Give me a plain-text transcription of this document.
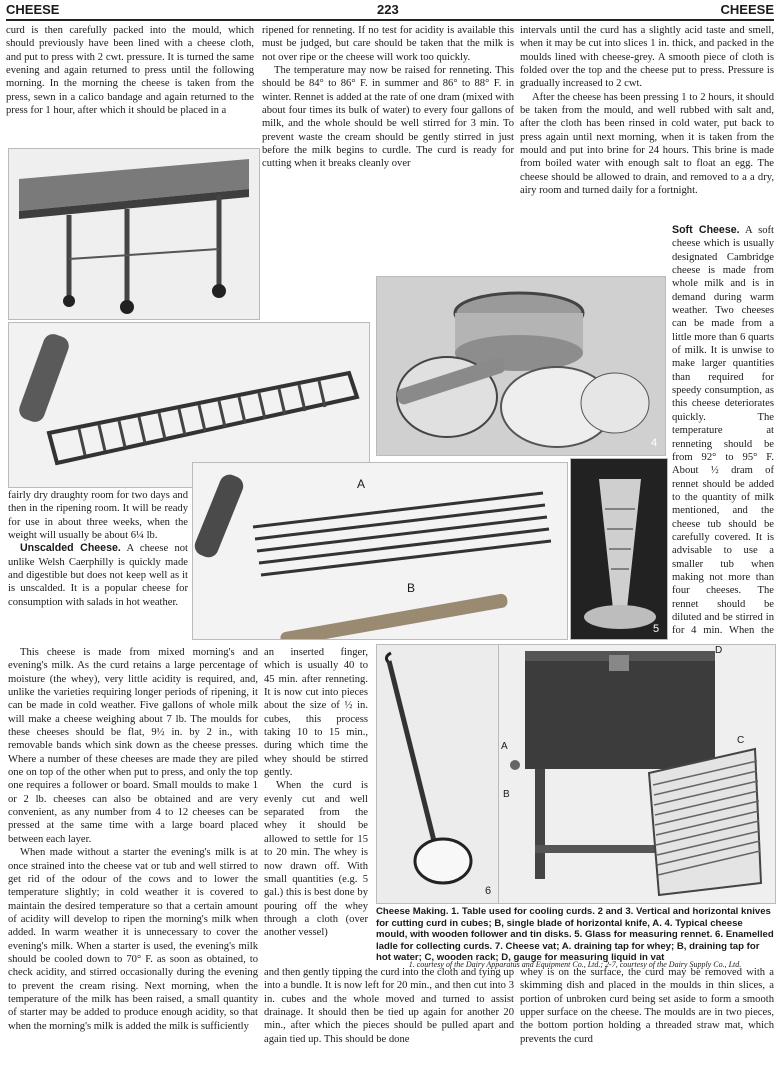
CHEESE	223	CHEESE

curd is then carefully packed into the mould, which should previously have been lined with a cheese cloth, and put to press with 2 cwt. pressure. It is turned the same evening and again returned to press until the following morning. In the morning the cheese is taken from the press, sewn in a calico bandage and again returned to the press for 1 hour, after which it should be placed in a

ripened for renneting. If no test for acidity is available this must be judged, but care should be taken that the milk is not over ripe or the cheese will work too quickly.

The temperature may now be raised for renneting. This should be 84° to 86° F. in summer and 86° to 88° F. in winter. Rennet is added at the rate of one dram (mixed with about four times its bulk of water) to every four gallons of milk, and the whole should be well stirred for 3 min. To prevent waste the cream should be gently stirred in just before the milk begins to curdle. The curd is ready for cutting when it breaks cleanly over

intervals until the curd has a slightly acid taste and smell, when it may be cut into slices 1 in. thick, and packed in the moulds lined with cheese-grey. A smooth piece of cloth is folded over the top and the cheese put to press. Pressure is gradually increased to 2 cwt.

After the cheese has been pressing 1 to 2 hours, it should be taken from the mould, and well rubbed with salt and, after the cloth has been rinsed in cold water, put back to press again until next morning, when it is taken from the mould and put into brine for 24 hours. This brine is made from boiled water with enough salt to float an egg. The cheese should be allowed to drain, and removed to a a dry, airy room and turned daily for a fortnight.

Soft Cheese. A soft cheese which is usually designated Cambridge cheese is made from whole milk and is in demand during warm weather. Two cheeses can be made from a little more than 6 quarts of milk. It is unwise to make larger quantities than required for speedy consumption, as this cheese deteriorates quickly. The temperature at renneting should be from 92° to 95° F. About ½ dram of rennet should be added to the quantity of milk mentioned, and the cheese tub should be carefully covered. It is advisable to use a smaller tub when making not more than four cheeses. The rennet should be diluted and be stirred in for 4 min. When the

4
5
A
B

fairly dry draughty room for two days and then in the ripening room. It will be ready for use in about three weeks, when the weight will usually be about 6¼ lb.

Unscalded Cheese. A cheese not unlike Welsh Caerphilly is quickly made and digestible but does not keep well as it is unscalded. It is a popular cheese for consumption with salads in hot weather.

This cheese is made from mixed morning's and evening's milk. As the curd retains a large percentage of moisture (the whey), very little acidity is required, and, unlike the varieties requiring longer periods of ripening, it can be made in cold weather. Five gallons of whole milk will make a cheese weighing about 7 lb. The moulds for these cheeses should be flat, 9½ in. by 2 in., with removable bands which sink down as the cheese presses. Where a number of these cheeses are made they are piled one on top of the other when put to press, and only the top one requires a follower or board. Small moulds to make 1 or 2 lb. cheeses can also be obtained and are very convenient, as any number from 4 to 12 cheeses can be pressed at the same time with a large board placed between each layer.

When made without a starter the evening's milk is at once strained into the cheese vat or tub and well stirred to get rid of the odour of the cows and to lower the temperature slightly; in cold weather it is covered to maintain the desired temperature so that a certain amount of acidity will develop to ripen the morning's milk when added. In warm weather it is unnecessary to cover the evening's milk. When a starter is used, the evening's milk should be cooled down to 70° F. as soon as obtained, to check acidity, and stirred occasionally during the evening to prevent the cream rising. Next morning, when the temperature of the milk has been raised, a small quantity of starter may be added to produce enough acidity, so that when the morning's milk is added the milk is sufficiently

an inserted finger, which is usually 40 to 45 min. after renneting. It is now cut into pieces about the size of ½ in. cubes, this process taking 10 to 15 min., during which time the whey should be stirred gently.

When the curd is evenly cut and well separated from the whey it should be allowed to settle for 15 to 20 min. The whey is now drawn off. With small quantities (e.g. 5 gal.) this is best done by pouring off the whey through a cloth (over another vessel)

6
A
B
C
D
Cheese Making. 1. Table used for cooling curds. 2 and 3. Vertical and horizontal knives for cutting curd in cubes; B, single blade of horizontal knife, A. 4. Typical cheese mould, with wooden follower and tin disks. 5. Glass for measuring rennet. 6. Enamelled ladle for collecting curds. 7. Cheese vat; A. draining tap for whey; B, draining tap for hot water; C, wooden rack; D, gauge for measuring liquid in vat
1. courtesy of the Dairy Apparatus and Equipment Co., Ltd.; 2-7, courtesy of the Dairy Supply Co., Ltd.

and then gently tipping the curd into the cloth and tying up into a bundle. It is now left for 20 min., and then cut into 3 in. cubes and the whole moved and turned to assist drainage. It should then be tied up again for another 20 min., after which the pieces should be pulled apart and again tied up. This should be done

whey is on the surface, the curd may be removed with a skimming dish and placed in the moulds in thin slices, a portion of unbroken curd being set aside to form a smooth upper surface on the cheese. The moulds are in two pieces, the bottom portion holding a threaded straw mat, which prevents the curd
